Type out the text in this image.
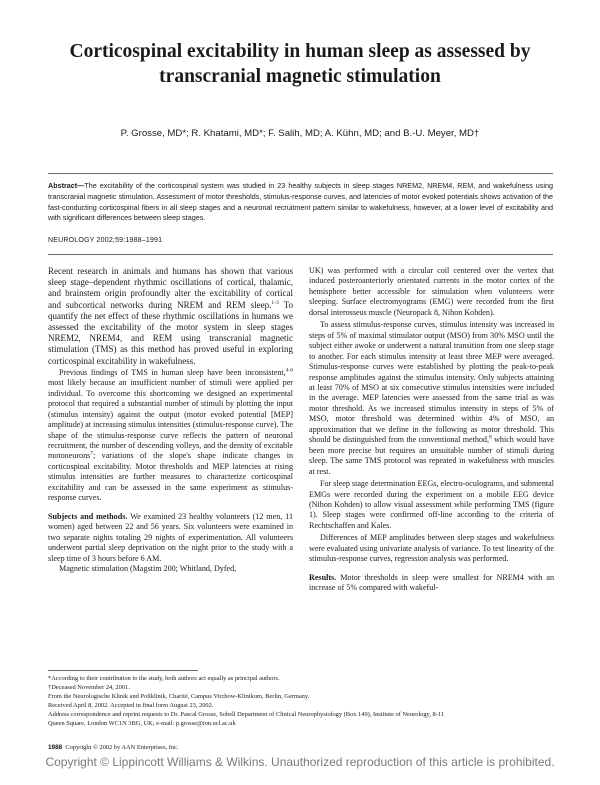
Corticospinal excitability in human sleep as assessed by transcranial magnetic stimulation
P. Grosse, MD*; R. Khatami, MD*; F. Salih, MD; A. Kühn, MD; and B.-U. Meyer, MD†
Abstract—The excitability of the corticospinal system was studied in 23 healthy subjects in sleep stages NREM2, NREM4, REM, and wakefulness using transcranial magnetic stimulation. Assessment of motor thresholds, stimulus-response curves, and latencies of motor evoked potentials shows activation of the fast-conducting corticospinal fibers in all sleep stages and a neuronal recruitment pattern similar to wakefulness, however, at a lower level of excitability and with significant differences between sleep stages.
NEUROLOGY 2002;59:1988–1991

Recent research in animals and humans has shown that various sleep stage–dependent rhythmic oscillations of cortical, thalamic, and brainstem origin profoundly alter the excitability of cortical and subcortical networks during NREM and REM sleep.$^{1-3}$ To quantify the net effect of these rhythmic oscillations in humans we assessed the excitability of the motor system in sleep stages NREM2, NREM4, and REM using transcranial magnetic stimulation (TMS) as this method has proved useful in exploring corticospinal excitability in wakefulness.

Previous findings of TMS in human sleep have been inconsistent,$^{4-6}$ most likely because an insufficient number of stimuli were applied per individual. To overcome this shortcoming we designed an experimental protocol that required a substantial number of stimuli by plotting the input (stimulus intensity) against the output (motor evoked potential [MEP] amplitude) at increasing stimulus intensities (stimulus-response curve). The shape of the stimulus-response curve reflects the pattern of neuronal recruitment, the number of descending volleys, and the density of excitable motoneurons$^7$; variations of the slope's shape indicate changes in corticospinal excitability. Motor thresholds and MEP latencies at rising stimulus intensities are further measures to characterize corticospinal excitability and can be assessed in the same experiment as stimulus-response curves.

Subjects and methods. We examined 23 healthy volunteers (12 men, 11 women) aged between 22 and 56 years. Six volunteers were examined in two separate nights totaling 29 nights of experimentation. All volunteers underwent partial sleep deprivation on the night prior to the study with a sleep time of 3 hours before 6 AM.

Magnetic stimulation (Magstim 200; Whitland, Dyfed,

UK) was performed with a circular coil centered over the vertex that induced posteroanteriorly orientated currents in the motor cortex of the hemisphere better accessible for stimulation when volunteers were sleeping. Surface electromyograms (EMG) were recorded from the first dorsal interosseus muscle (Neuropack 8, Nihon Kohden).

To assess stimulus-response curves, stimulus intensity was increased in steps of 5% of maximal stimulator output (MSO) from 30% MSO until the subject either awoke or underwent a natural transition from one sleep stage to another. For each stimulus intensity at least three MEP were averaged. Stimulus-response curves were established by plotting the peak-to-peak response amplitudes against the stimulus intensity. Only subjects attaining at least 70% of MSO at six consecutive stimulus intensities were included in the average. MEP latencies were assessed from the same trial as was motor threshold. As we increased stimulus intensity in steps of 5% of MSO, motor threshold was determined within 4% of MSO, an approximation that we define in the following as motor threshold. This should be distinguished from the conventional method,$^8$ which would have been more precise but requires an unsuitable number of stimuli during sleep. The same TMS protocol was repeated in wakefulness with muscles at rest.

For sleep stage determination EEGs, electro-oculograms, and submental EMGs were recorded during the experiment on a mobile EEG device (Nihon Kohden) to allow visual assessment while performing TMS (figure 1). Sleep stages were confirmed off-line according to the criteria of Rechtschaffen and Kales.

Differences of MEP amplitudes between sleep stages and wakefulness were evaluated using univariate analysis of variance. To test linearity of the stimulus-response curves, regression analysis was performed.

Results. Motor thresholds in sleep were smallest for NREM4 with an increase of 5% compared with wakeful-

*According to their contribution to the study, both authors act equally as principal authors.
†Deceased November 24, 2001.
From the Neurologische Klinik and Poliklinik, Charité, Campus Virchow-Klinikum, Berlin, Germany.
Received April 8, 2002. Accepted in final form August 23, 2002.
Address correspondence and reprint requests to Dr. Pascal Grosse, Sobell Department of Clinical Neurophysiology (Box 149), Institute of Neurology, 8-11
Queen Square, London WC1N 3BG, UK; e-mail: p.grosse@ion.ucl.ac.uk
1988 Copyright © 2002 by AAN Enterprises, Inc.
Copyright © Lippincott Williams & Wilkins. Unauthorized reproduction of this article is prohibited.
